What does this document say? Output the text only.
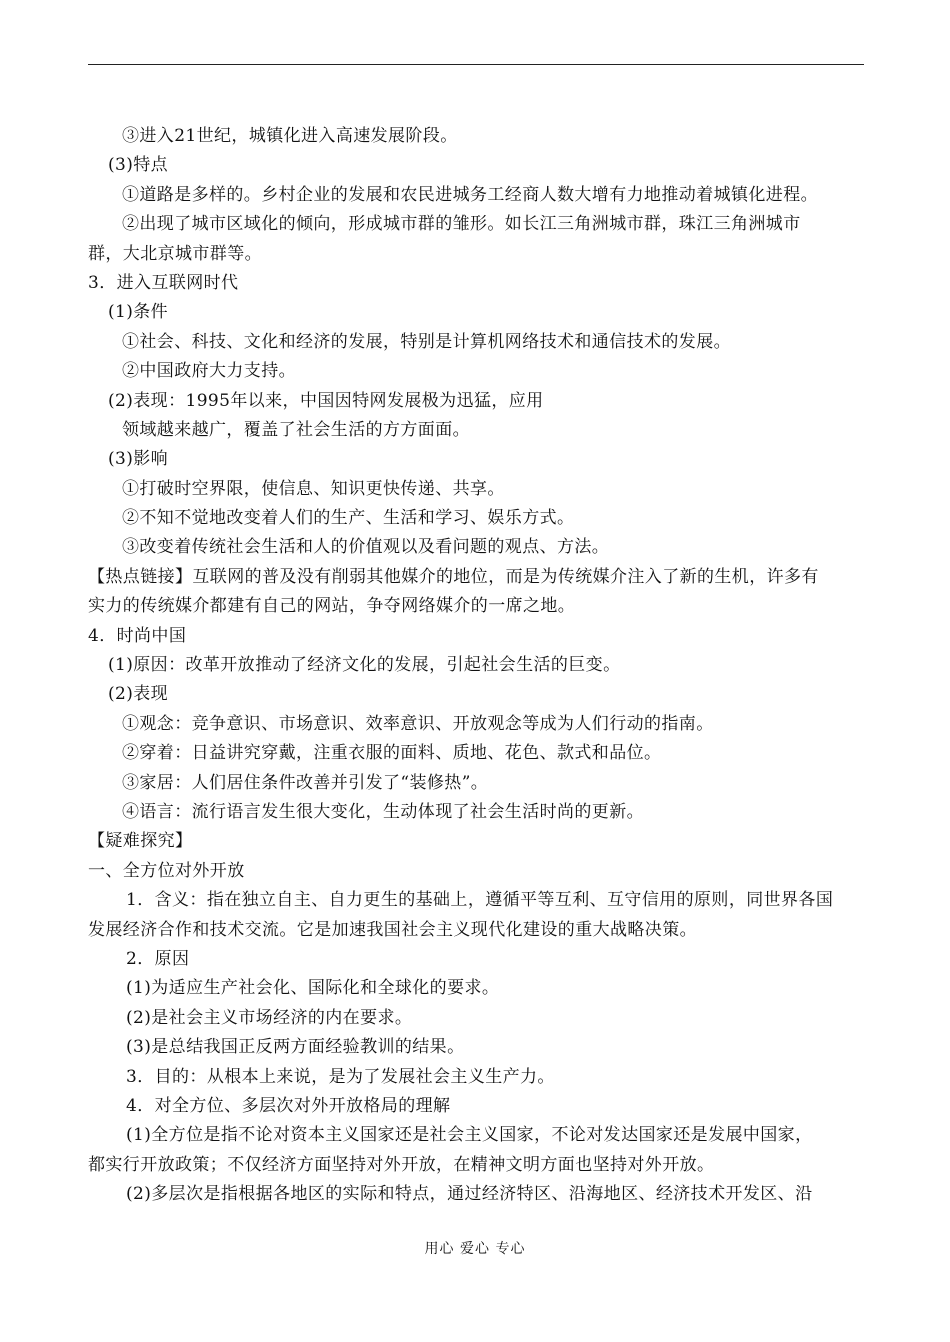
③进入21世纪，城镇化进入高速发展阶段。
(3)特点
①道路是多样的。乡村企业的发展和农民进城务工经商人数大增有力地推动着城镇化进程。
②出现了城市区域化的倾向，形成城市群的雏形。如长江三角洲城市群，珠江三角洲城市
群，大北京城市群等。
3．进入互联网时代
(1)条件
①社会、科技、文化和经济的发展，特别是计算机网络技术和通信技术的发展。
②中国政府大力支持。
(2)表现：1995年以来，中国因特网发展极为迅猛，应用
领域越来越广，覆盖了社会生活的方方面面。
(3)影响
①打破时空界限，使信息、知识更快传递、共享。
②不知不觉地改变着人们的生产、生活和学习、娱乐方式。
③改变着传统社会生活和人的价值观以及看问题的观点、方法。
【热点链接】互联网的普及没有削弱其他媒介的地位，而是为传统媒介注入了新的生机，许多有
实力的传统媒介都建有自己的网站，争夺网络媒介的一席之地。
4．时尚中国
(1)原因：改革开放推动了经济文化的发展，引起社会生活的巨变。
(2)表现
①观念：竞争意识、市场意识、效率意识、开放观念等成为人们行动的指南。
②穿着：日益讲究穿戴，注重衣服的面料、质地、花色、款式和品位。
③家居：人们居住条件改善并引发了“装修热”。
④语言：流行语言发生很大变化，生动体现了社会生活时尚的更新。
【疑难探究】
一、全方位对外开放
1．含义：指在独立自主、自力更生的基础上，遵循平等互利、互守信用的原则，同世界各国
发展经济合作和技术交流。它是加速我国社会主义现代化建设的重大战略决策。
2．原因
(1)为适应生产社会化、国际化和全球化的要求。
(2)是社会主义市场经济的内在要求。
(3)是总结我国正反两方面经验教训的结果。
3．目的：从根本上来说，是为了发展社会主义生产力。
4．对全方位、多层次对外开放格局的理解
(1)全方位是指不论对资本主义国家还是社会主义国家，不论对发达国家还是发展中国家，
都实行开放政策；不仅经济方面坚持对外开放，在精神文明方面也坚持对外开放。
(2)多层次是指根据各地区的实际和特点，通过经济特区、沿海地区、经济技术开发区、沿
用心 爱心 专心
